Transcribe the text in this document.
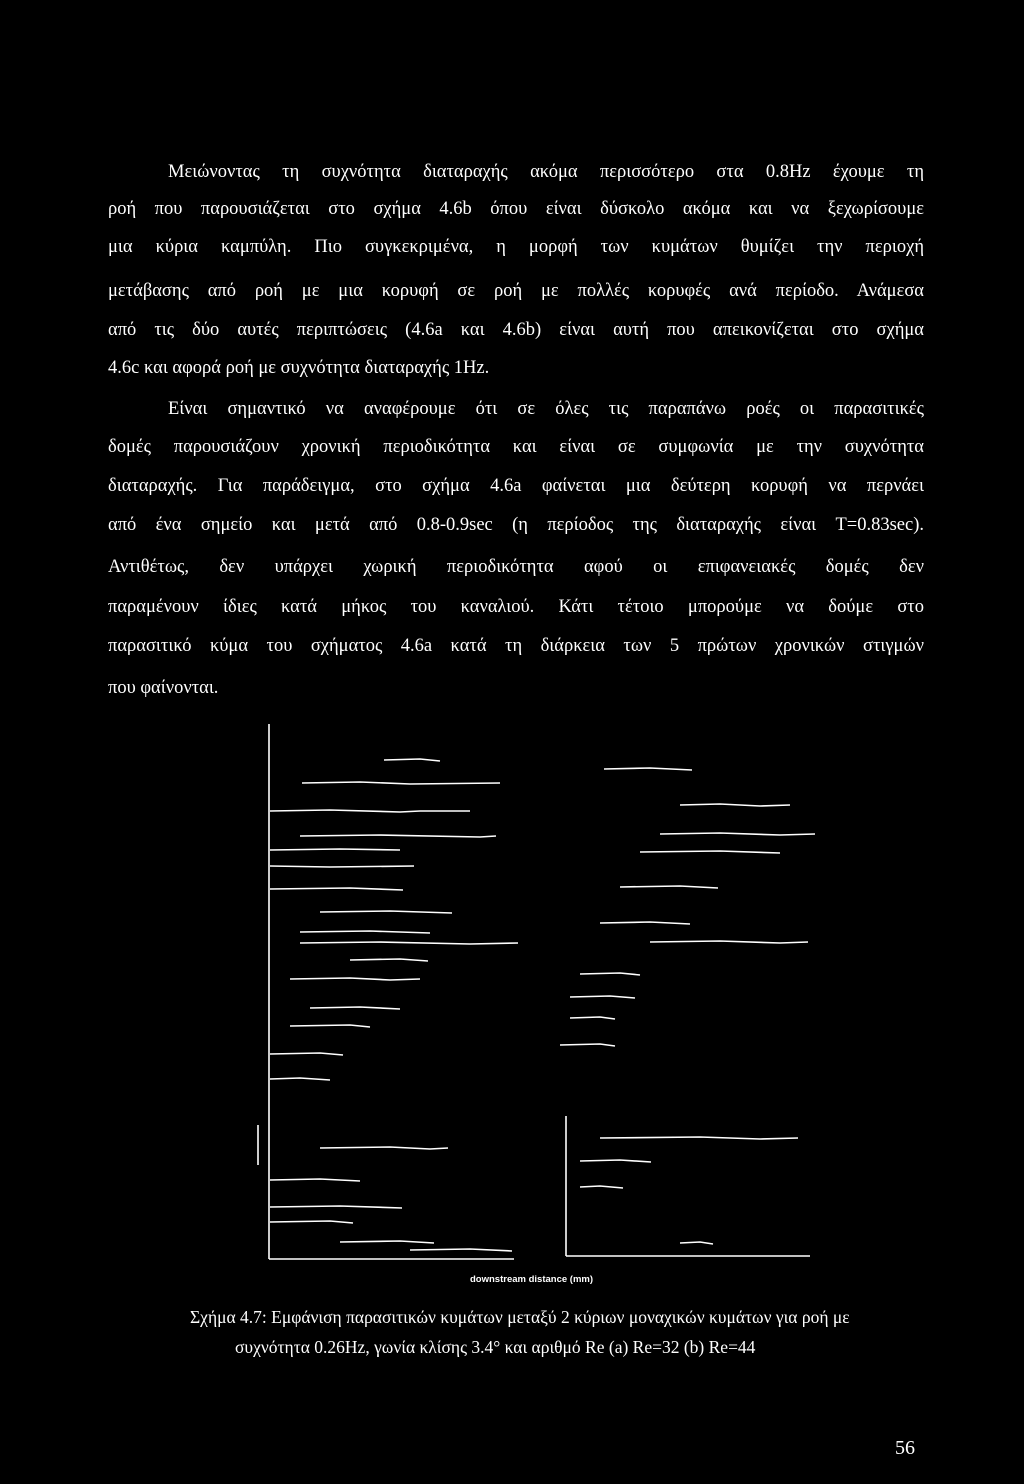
Μειώνοντας τη συχνότητα διαταραχής ακόμα περισσότερο στα 0.8Hz έχουμε τη
ροή που παρουσιάζεται στο σχήμα 4.6b όπου είναι δύσκολο ακόμα και να ξεχωρίσουμε
μια κύρια καμπύλη. Πιο συγκεκριμένα, η μορφή των κυμάτων θυμίζει την περιοχή
μετάβασης από ροή με μια κορυφή σε ροή με πολλές κορυφές ανά περίοδο. Ανάμεσα
από τις δύο αυτές περιπτώσεις (4.6a και 4.6b) είναι αυτή που απεικονίζεται στο σχήμα
4.6c και αφορά ροή με συχνότητα διαταραχής 1Hz.
Είναι σημαντικό να αναφέρουμε ότι σε όλες τις παραπάνω ροές οι παρασιτικές
δομές παρουσιάζουν χρονική περιοδικότητα και είναι σε συμφωνία με την συχνότητα
διαταραχής. Για παράδειγμα, στο σχήμα 4.6a φαίνεται μια δεύτερη κορυφή να περνάει
από ένα σημείο και μετά από 0.8-0.9sec (η περίοδος της διαταραχής είναι T=0.83sec).
Αντιθέτως, δεν υπάρχει χωρική περιοδικότητα αφού οι επιφανειακές δομές δεν
παραμένουν ίδιες κατά μήκος του καναλιού. Κάτι τέτοιο μπορούμε να δούμε στο
παρασιτικό κύμα του σχήματος 4.6a κατά τη διάρκεια των 5 πρώτων χρονικών στιγμών
που φαίνονται.
downstream distance (mm)
Σχήμα 4.7: Εμφάνιση παρασιτικών κυμάτων μεταξύ 2 κύριων μοναχικών κυμάτων για ροή με
συχνότητα 0.26Hz, γωνία κλίσης 3.4° και αριθμό Re (a) Re=32 (b) Re=44
56
